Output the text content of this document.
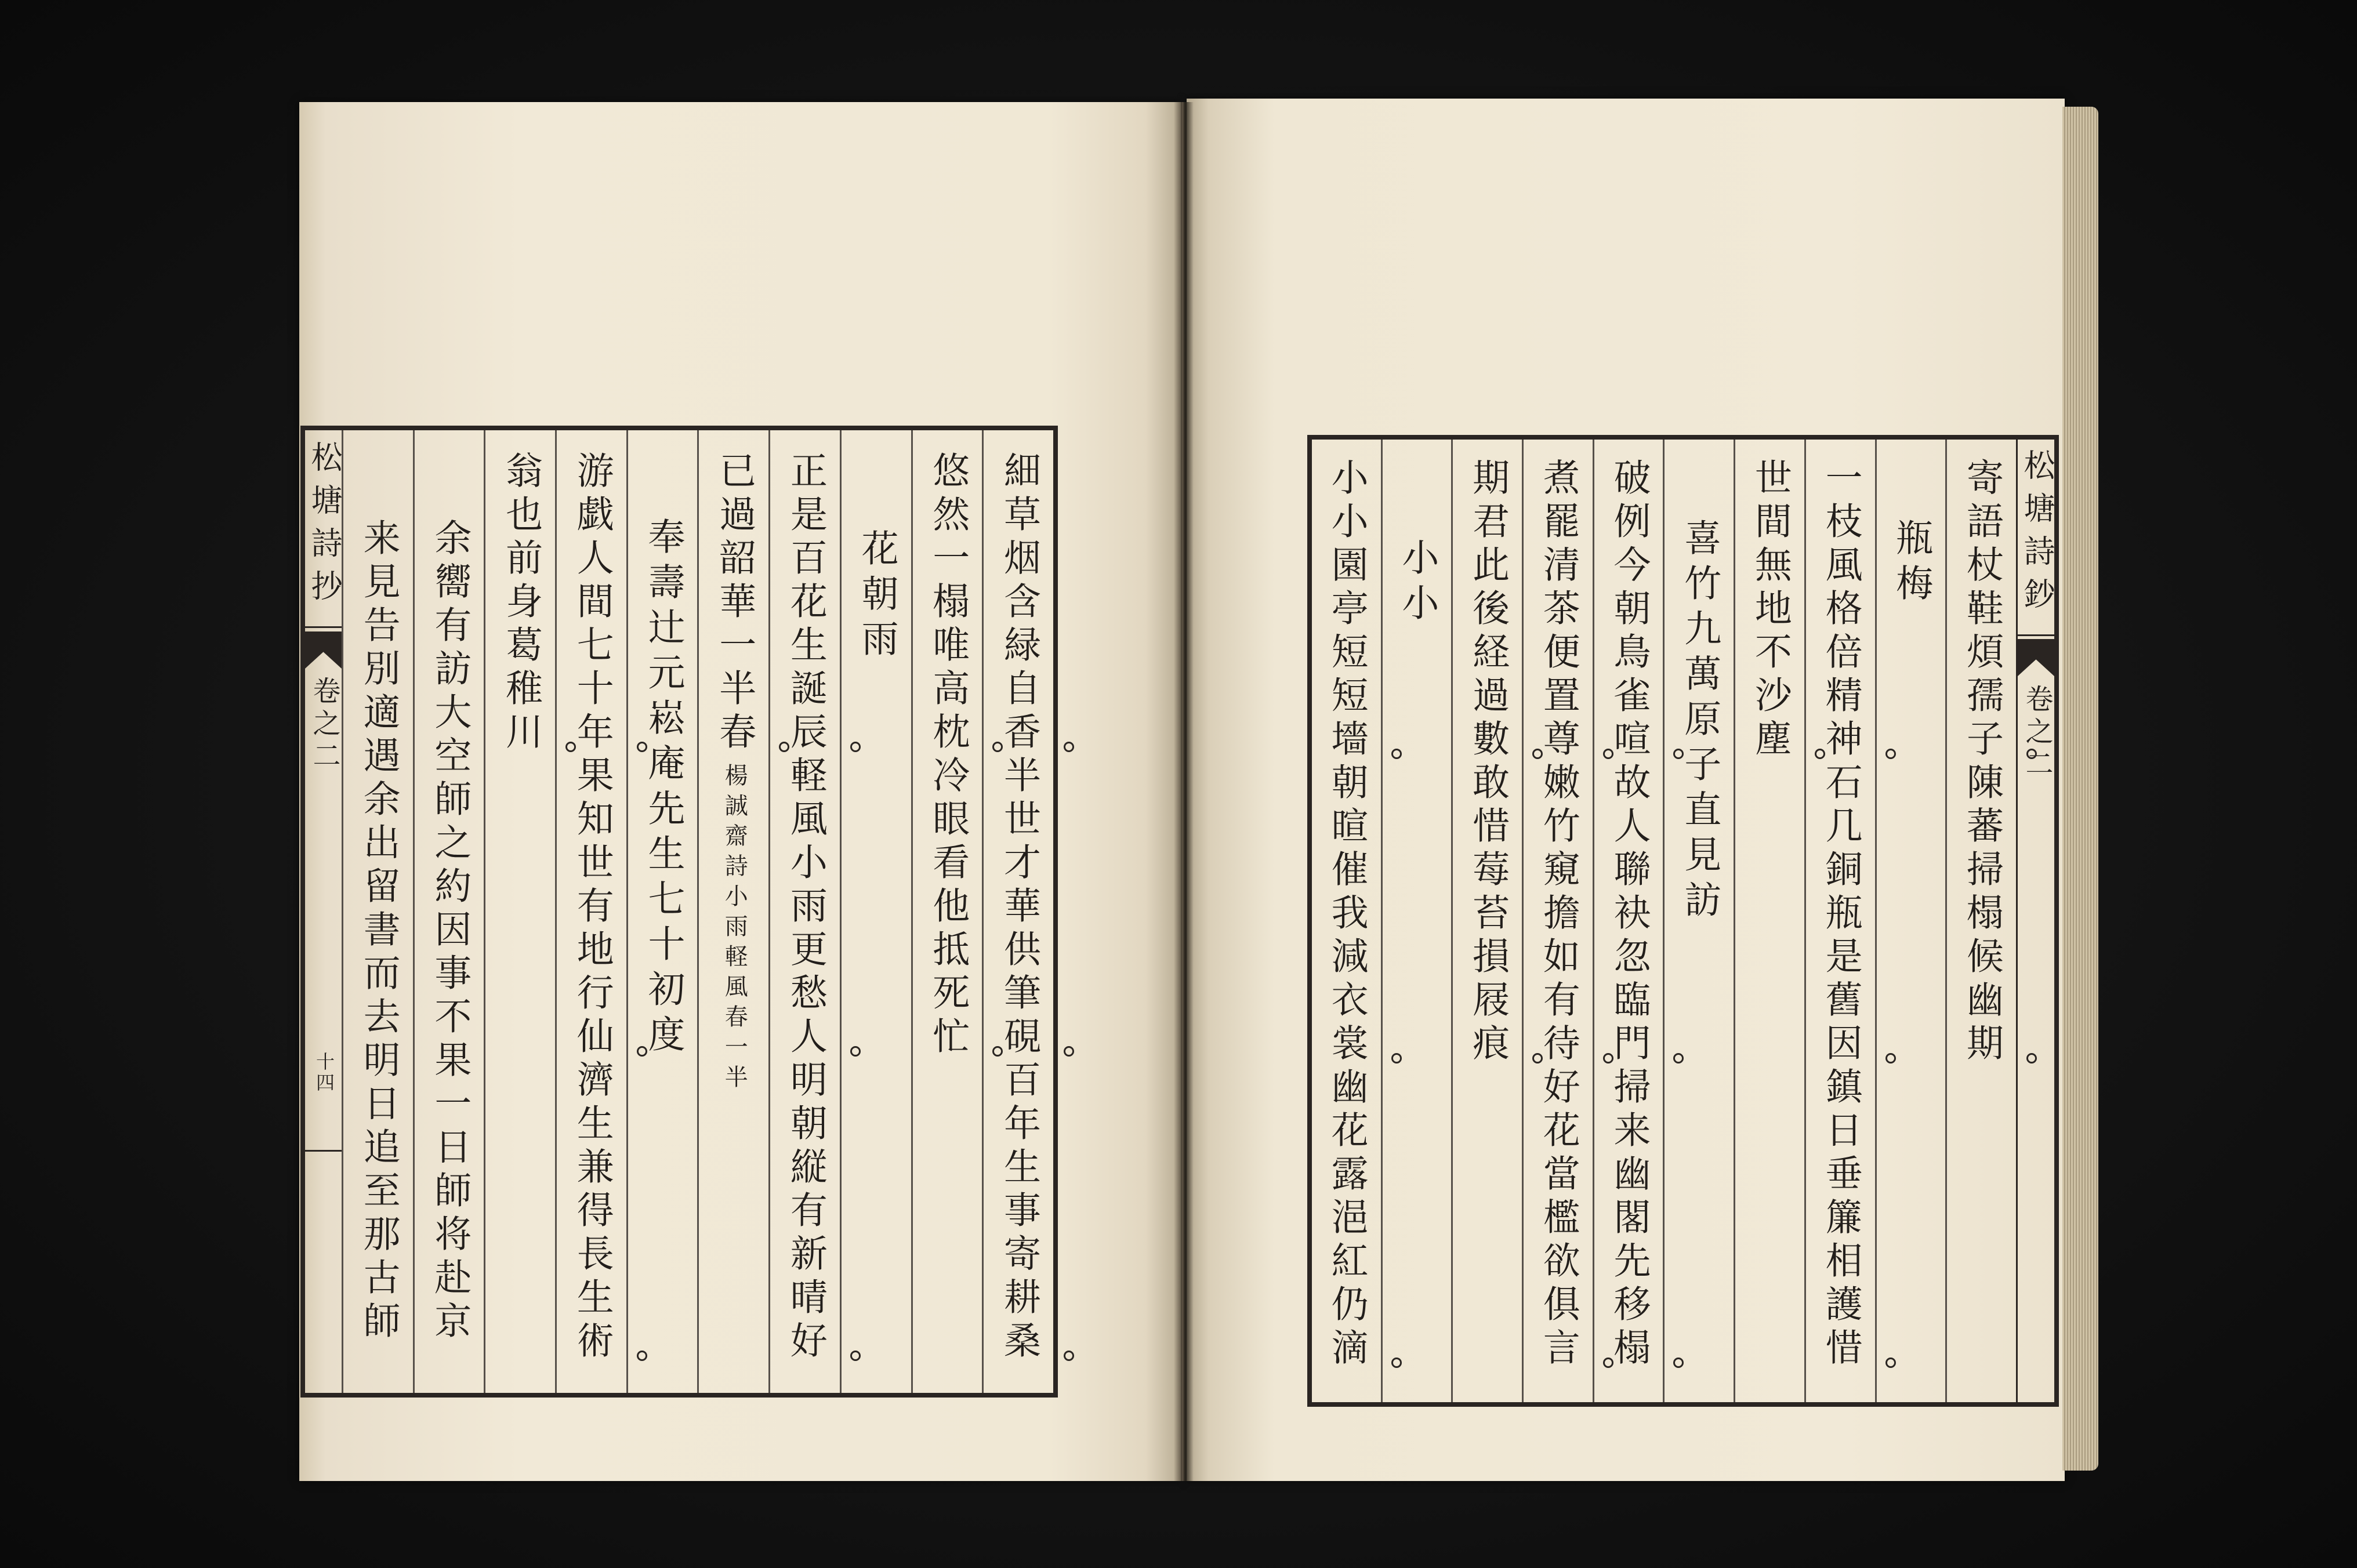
細草烟含緑自香半世才華供筆硯百年生事寄耕桑
悠然一榻唯高枕冷眼看他抵死忙
花朝雨
正是百花生誕辰軽風小雨更愁人明朝縦有新晴好
已過韶華一半春
楊誠齋詩小雨軽風春一半
奉壽辻元崧庵先生七十初度
游戯人間七十年果知世有地行仙濟生兼得長生術
翁也前身葛稚川
余嚮有訪大空師之約因事不果一日師将赴京
来見告別適遇余出留書而去明日追至那古師
松塘詩抄
卷之二
十四
松塘詩鈔
卷之二
寄語杖鞋煩孺子陳蕃掃榻候幽期
瓶梅
一枝風格倍精神石几銅瓶是舊因鎮日垂簾相護惜
世間無地不沙塵
喜竹九萬原子直見訪
破例今朝鳥雀喧故人聯袂忽臨門掃来幽閣先移榻
煮罷清茶便置尊嫩竹窺擔如有待好花當檻欲俱言
期君此後経過數敢惜莓苔損屐痕
小小
小小園亭短短墻朝暄催我減衣裳幽花露浥紅仍滴
